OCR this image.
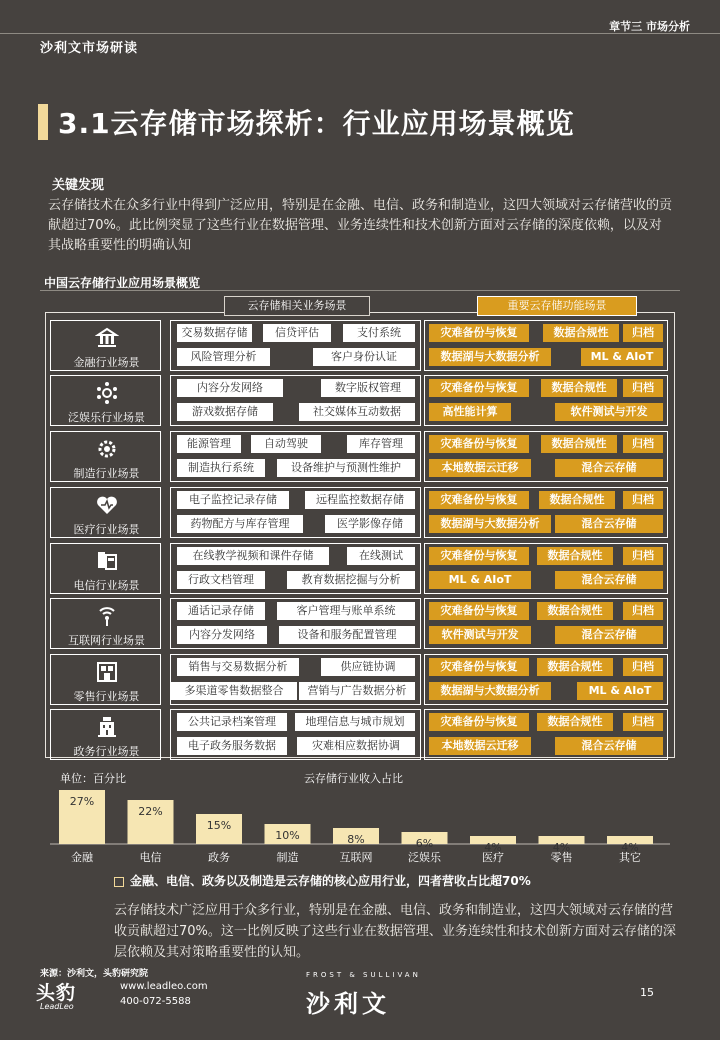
沙利文市场研读
章节三 市场分析
3.1云存储市场探析：行业应用场景概览
关键发现
云存储技术在众多行业中得到广泛应用，特别是在金融、电信、政务和制造业，这四大领域对云存储营收的贡献超过70%。此比例突显了这些行业在数据管理、业务连续性和技术创新方面对云存储的深度依赖，以及对其战略重要性的明确认知
中国云存储行业应用场景概览
云存储相关业务场景	重要云存储功能场景
金融行业场景
交易数据存储	信贷评估	支付系统
风险管理分析	客户身份认证
灾难备份与恢复	数据合规性	归档
数据湖与大数据分析	ML & AIoT
泛娱乐行业场景
内容分发网络	数字版权管理
游戏数据存储	社交媒体互动数据
灾难备份与恢复	数据合规性	归档
高性能计算	软件测试与开发
制造行业场景
能源管理	自动驾驶	库存管理
制造执行系统	设备维护与预测性维护
灾难备份与恢复	数据合规性	归档
本地数据云迁移	混合云存储
医疗行业场景
电子监控记录存储	远程监控数据存储
药物配方与库存管理	医学影像存储
灾难备份与恢复	数据合规性	归档
数据湖与大数据分析	混合云存储
电信行业场景
在线教学视频和课件存储	在线测试
行政文档管理	教育数据挖掘与分析
灾难备份与恢复	数据合规性	归档
ML & AIoT	混合云存储
互联网行业场景
通话记录存储	客户管理与账单系统
内容分发网络	设备和服务配置管理
灾难备份与恢复	数据合规性	归档
软件测试与开发	混合云存储
零售行业场景
销售与交易数据分析	供应链协调
多渠道零售数据整合	营销与广告数据分析
灾难备份与恢复	数据合规性	归档
数据湖与大数据分析	ML & AIoT
政务行业场景
公共记录档案管理	地理信息与城市规划
电子政务服务数据	灾难相应数据协调
灾难备份与恢复	数据合规性	归档
本地数据云迁移	混合云存储
单位：百分比	云存储行业收入占比
27%
金融
22%
电信
15%
政务
10%
制造
8%
互联网
6%
泛娱乐
4%
医疗
4%
零售
4%
其它
金融、电信、政务以及制造是云存储的核心应用行业，四者营收占比超70%
云存储技术广泛应用于众多行业，特别是在金融、电信、政务和制造业，这四大领域对云存储的营收贡献超过70%。这一比例反映了这些行业在数据管理、业务连续性和技术创新方面对云存储的深层依赖及其对策略重要性的认知。
来源：沙利文，头豹研究院
头豹
LeadLeo
www.leadleo.com
400-072-5588
FROST & SULLIVAN
沙利文	15
